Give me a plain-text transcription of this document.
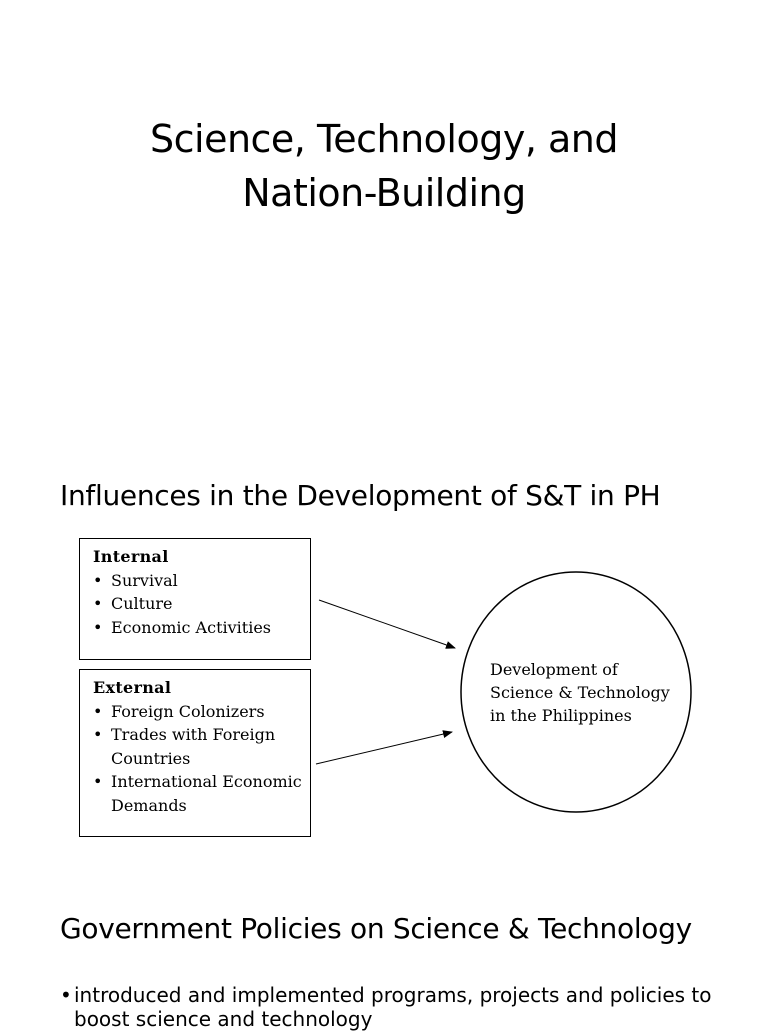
Science, Technology, and
Nation-Building
Influences in the Development of S&T in PH
Internal
• Survival
• Culture
• Economic Activities
External
• Foreign Colonizers
• Trades with Foreign Countries
• International Economic Demands
Development of
Science & Technology
in the Philippines
Government Policies on Science & Technology
• introduced and implemented programs, projects and policies to boost science and technology
